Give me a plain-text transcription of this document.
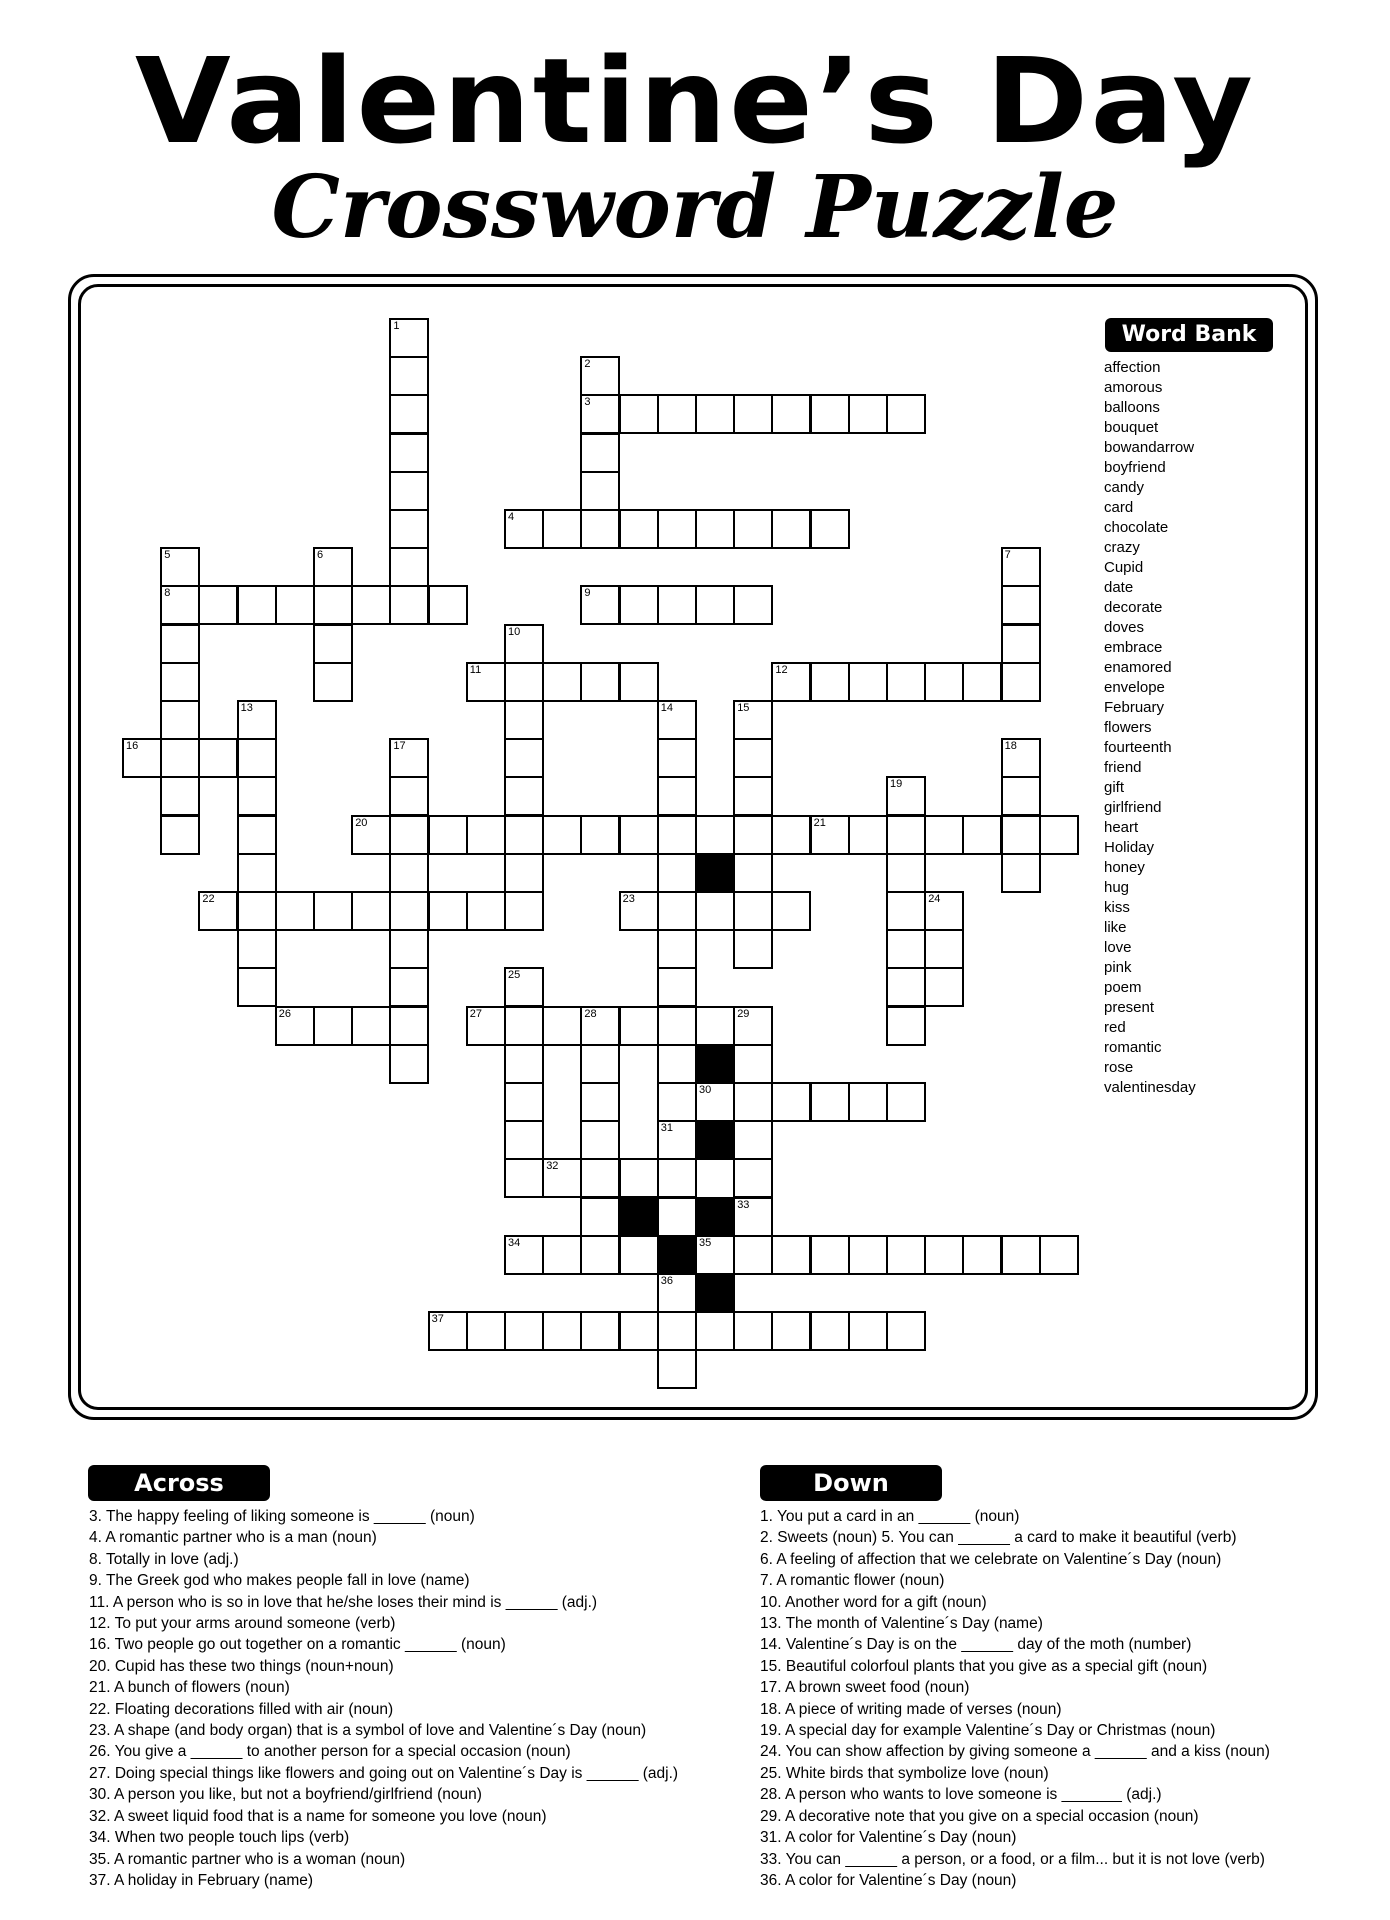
Valentine’s Day
Crossword Puzzle
3
4
8	9
11	12
16
20	21
22	23
26	27	28	29
30
32
34	35
37
1
2
5	6	7
10
13	14
31
36
15
17	18
19
24
25
33
Word Bank
affection
amorous
balloons
bouquet
bowandarrow
boyfriend
candy
card
chocolate
crazy
Cupid
date
decorate
doves
embrace
enamored
envelope
February
flowers
fourteenth
friend
gift
girlfriend
heart
Holiday
honey
hug
kiss
like
love
pink
poem
present
red
romantic
rose
valentinesday
Across
3. The happy feeling of liking someone is ______ (noun)
4. A romantic partner who is a man (noun)
8. Totally in love (adj.)
9. The Greek god who makes people fall in love (name)
11. A person who is so in love that he/she loses their mind is ______ (adj.)
12. To put your arms around someone (verb)
16. Two people go out together on a romantic ______ (noun)
20. Cupid has these two things (noun+noun)
21. A bunch of flowers (noun)
22. Floating decorations filled with air (noun)
23. A shape (and body organ) that is a symbol of love and Valentine´s Day (noun)
26. You give a ______ to another person for a special occasion (noun)
27. Doing special things like flowers and going out on Valentine´s Day is ______ (adj.)
30. A person you like, but not a boyfriend/girlfriend (noun)
32. A sweet liquid food that is a name for someone you love (noun)
34. When two people touch lips (verb)
35. A romantic partner who is a woman (noun)
37. A holiday in February (name)
Down
1. You put a card in an ______ (noun)
2. Sweets (noun) 5. You can ______ a card to make it beautiful (verb)
6. A feeling of affection that we celebrate on Valentine´s Day (noun)
7. A romantic flower (noun)
10. Another word for a gift (noun)
13. The month of Valentine´s Day (name)
14. Valentine´s Day is on the ______ day of the moth (number)
15. Beautiful colorfoul plants that you give as a special gift (noun)
17. A brown sweet food (noun)
18. A piece of writing made of verses (noun)
19. A special day for example Valentine´s Day or Christmas (noun)
24. You can show affection by giving someone a ______ and a kiss (noun)
25. White birds that symbolize love (noun)
28. A person who wants to love someone is _______ (adj.)
29. A decorative note that you give on a special occasion (noun)
31. A color for Valentine´s Day (noun)
33. You can ______ a person, or a food, or a film... but it is not love (verb)
36. A color for Valentine´s Day (noun)
